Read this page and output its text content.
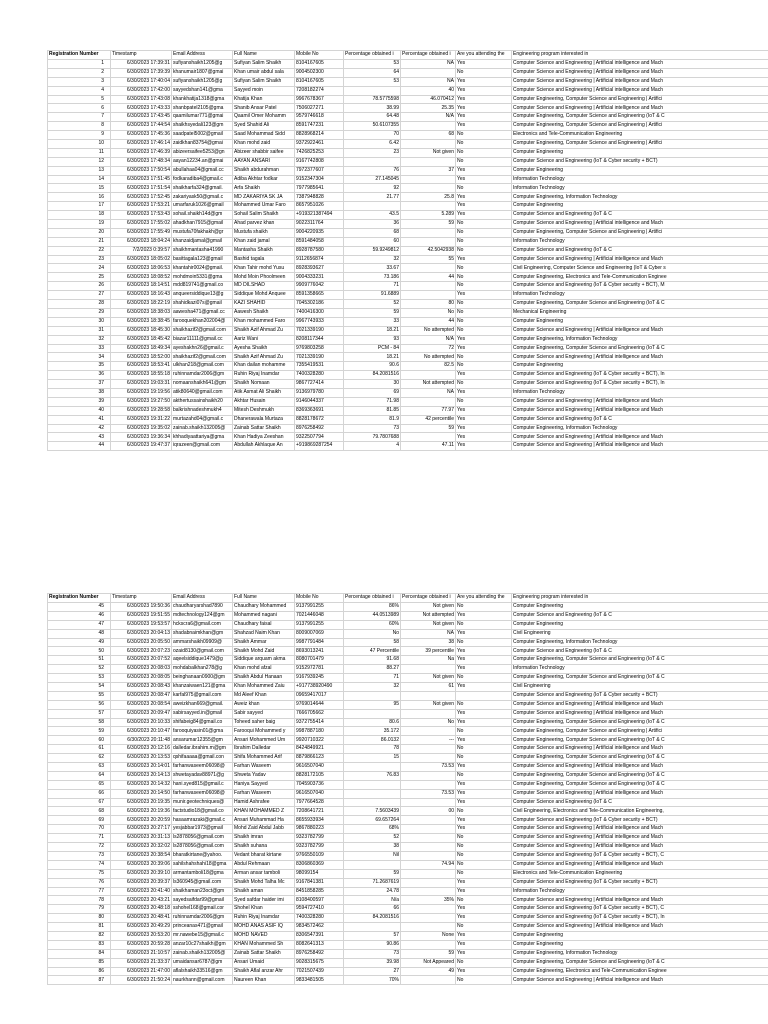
Registration Number	Timestamp	Email Address	Full Name	Mobile No	Percentage obtained i	Percentage obtained i	Are you attending the	Engineering program interested in
1	6/30/2023 17:39:31	sufiyanshaikh1205@g	Sufiyan Salim Shaikh	8104167605	53	NA	Yes	Computer Science and Engineering | Artificial intelligence and Mach
2	6/30/2023 17:39:39	khanumair1807@gmai	Khan umair abdul sala	9004502300	64		No	Computer Science and Engineering | Artificial intelligence and Mach
3	6/30/2023 17:40:04	sufiyanshaikh1205@g	Sufiyan Salim Shaikh	8104167605	53	NA	Yes	Computer Science and Engineering | Artificial intelligence and Mach
4	6/30/2023 17:42:00	sayyedshan141@gma	Sayyed moin	7208182274		40	Yes	Computer Science and Engineering | Artificial intelligence and Mach
5	6/30/2023 17:43:08	khankhatija1318@gma	Khatija Khan	9967678367	78.5775598	46.070412	Yes	Computer Engineering, Computer Science and Engineering | Artifici
6	6/30/2023 17:43:33	shanbpatel2105@gma	Shanib Ansar Patel	7506027271	38.99	25.35	Yes	Computer Science and Engineering | Artificial intelligence and Mach
7	6/30/2023 17:43:45	qaamilumar771@gmai	Qaamil Omer Mohamm	9579746618	64.48	N/A	Yes	Computer Engineering, Computer Science and Engineering (IoT & C
8	6/30/2023 17:44:54	shaikhsyedali123@gm	Syed Shahid Ali	8591747231	50.6107355		Yes	Computer Engineering, Computer Science and Engineering | Artifici
9	6/30/2023 17:45:36	saadpatel5002@gmail	Saad Mohammad Sidd	8828968214	70	68	No	Electronics and Tele-Communication Engineering
10	6/30/2023 17:46:14	zaidkhan83754@gmai	Khan mohd zaid	9372922461	6.42		No	Computer Engineering, Computer Science and Engineering | Artifici
11	6/30/2023 17:46:39	abizeersaifee5253@gn	Abizeer shabbir saifee	7426825253	23	Not given	No	Computer Engineering
12	6/30/2023 17:48:34	aayan12234.an@gmai	AAYAN ANSARI	9167742808			No	Computer Science and Engineering (IoT & Cyber security + BCT)
13	6/30/2023 17:50:54	abullahaa04@gmail.cc	Shaikh abdurahman	7972377607	76	37	Yes	Computer Engineering
14	6/30/2023 17:51:45	fodkaradiba4@gmail.c	Adiba Akhtar fodkar	9152347304	27.145045		Yes	Information Technology
15	6/30/2023 17:51:54	shaikharfa324@gmail.	Arfa Shaikh	7977985641	92		No	Information Technology
16	6/30/2023 17:52:45	zakariyask50@gmail.c	MD ZAKARIYA SK JA	7387948828	21.77	25.8	Yes	Computer Engineering, Information Technology
17	6/30/2023 17:53:21	umarfaruk1026@gmail	Mohammed Umar Faro	8657951026			Yes	Computer Engineering
18	6/30/2023 17:53:43	sohail.shaikh14d@gm	Sohail Salim Shaikh	+919321387494	43.5	5.289	Yes	Computer Science and Engineering (IoT & C
19	6/30/2023 17:55:02	ahadkhan7915@gmail	Ahad parvez khan	9022311764	36	59	No	Computer Science and Engineering | Artificial intelligence and Mach
20	6/30/2023 17:55:49	mustufa70fakhakh@gr	Mustufa shaikh	9004220935	68		No	Computer Engineering, Computer Science and Engineering | Artifici
21	6/30/2023 18:04:24	khanzaidjamal@gmail	Khan zaid jamal	8591484058	60		No	Information Technology
22	7/2/2023 0:39:57	shaikhmantasha41990	Mantasha Shaikh	8928787580	59.9249812	42.5042938	No	Computer Science and Engineering (IoT & C
23	6/30/2023 18:05:02	basittagala123@gmail	Bashid tagala	9112656874	32	55	Yes	Computer Science and Engineering | Artificial intelligence and Mach
24	6/30/2023 18:06:53	khantahir0024@gmail.	Khan Tahir mohd Yusu	8928393627	33.67		No	Civil Engineering, Computer Science and Engineering (IoT & Cyber s
25	6/30/2023 18:08:52	mohdmoin5331@gma	Mohd Moin Phoolmeen	9004333231	73.186	44	No	Computer Engineering, Electronics and Tele-Communication Enginee
26	6/30/2023 18:14:51	mdd819741@gmail.co	MD DILSHAD	9909776042	71		No	Computer Science and Engineering (IoT & Cyber security + BCT), M
27	6/30/2023 18:16:43	anqueersiddique13@g	Siddique Mohd Anquee	8591358665	91.6889		Yes	Information Technology
28	6/30/2023 18:22:19	shahidkazi07s@gmail	KAZI SHAHID	7045302186	52	80	No	Computer Engineering, Computer Science and Engineering (IoT & C
29	6/30/2023 18:38:03	aawesha471@gmail.cc	Aawesh Shaikh	7400416300	59	No	No	Mechanical Engineering
30	6/30/2023 18:38:45	farooquekhan202004@	Khan mohammed Faro	9967743933	33	44	No	Computer Engineering
31	6/30/2023 18:45:30	shaikhazif2@gmail.com	Shaikh Azif Ahmad Zu	7021339190	18.21	No attempted	No	Computer Science and Engineering | Artificial intelligence and Mach
32	6/30/2023 18:45:42	biazar11111@gmail.cc	Aariz Wani	8208117344	93	N/A	Yes	Computer Engineering, Information Technology
33	6/30/2023 18:49:34	ayeshakhn26@gmail.c	Ayesha Shaikh	9769803258	PCM - 84	72	Yes	Computer Engineering, Computer Science and Engineering (IoT & C
34	6/30/2023 18:52:00	shaikhazif2@gmail.com	Shaikh Azif Ahmad Zu	7021339190	18.21	No attempted	No	Computer Science and Engineering | Artificial intelligence and Mach
35	6/30/2023 18:53:41	ulkhan218@gmail.com	Khan dailan mohamme	7355419531	90.6	82.5	No	Computer Engineering
36	6/30/2023 18:55:18	ruhinnamdar2006@gm	Ruhin Riyaj Inamdar	7400328280	84.2081516		Yes	Computer Science and Engineering (IoT & Cyber security + BCT), In
37	6/30/2023 19:03:31	nomaanshaikh641@gm	Shaikh Nomaan	9867727414	30	Not attempted	No	Computer Science and Engineering (IoT & Cyber security + BCT), In
38	6/30/2023 19:19:56	atik80640@gmail.com	Atik Asmat Ali Shaikh	9136979780	69	NA	Yes	Information Technology
39	6/30/2023 19:27:50	akthertussainshaikh20	Akhtar Husain	9146044337	71.98		No	Computer Science and Engineering | Artificial intelligence and Mach
40	6/30/2023 19:28:58	balkrishnadeshmukh4	Mitesh Deshmukh	8369363691	81.85	77.97	Yes	Computer Science and Engineering | Artificial intelligence and Mach
41	6/30/2023 19:31:22	murtazahd04@gmail.c	Dhanerawala Murtaza	8828178672	81.9	42 percentile	Yes	Computer Science and Engineering (IoT & C
42	6/30/2023 19:35:02	zainab.shaikh132005@	Zainab Sattar Shaikh	8976258492	73	59	Yes	Computer Engineering, Information Technology
43	6/30/2023 19:36:34	khhadiyaattariya@gma	Khan Hadiya Zeeshan	9322507794	79.7807688		Yes	Computer Science and Engineering | Artificial intelligence and Mach
44	6/30/2023 19:47:37	iqrazeen@gmail.com	Abdullah Akhlaque An	+919869287254	4	47.11	Yes	Computer Science and Engineering | Artificial intelligence and Mach
Registration Number	Timestamp	Email Address	Full Name	Mobile No	Percentage obtained i	Percentage obtained i	Are you attending the	Engineering program interested in
45	6/30/2023 19:50:36	chaudharyarshad7890	Chaudhary Mohammed	9137991255	86%	Not given	No	Computer Engineering
46	6/30/2023 19:51:55	mdtechnology124@gm	Mohammed nagani	7021446048	44.0513989	Not attempted	Yes	Computer Science and Engineering (IoT & C
47	6/30/2023 19:53:57	hckscra6@gmail.com	Chaudhary faisal	9137991255	60%	Not given	No	Computer Engineering
48	6/30/2023 20:04:13	shadabnaimkhan@gm	Shahzad Naim Khan	8009007069	No	NA	Yes	Civil Engineering
49	6/30/2023 20:05:50	ammarshaikh09909@	Shaikh Ammar	9987791484	58	38	No	Computer Engineering, Information Technology
50	6/30/2023 20:07:23	ozaid8130@gmail.com	Shaikh Mohd Zaid	8693013241	47 Percentile	39 percentile	Yes	Computer Science and Engineering (IoT & C
51	6/30/2023 20:07:52	aqeelsiddique1479@g	Siddique arquam akma	8080701479	91.68	Na	Yes	Computer Engineering, Computer Science and Engineering (IoT & C
52	6/30/2023 20:08:03	mohdabalkhan278@g	Khan mohd afzal	9152972781	88.27		Yes	Information Technology
53	6/30/2023 20:08:05	beinghanaan0900@gm	Shaikh Abdul Hanaan	9167939245	71	Not given	No	Computer Engineering, Computer Science and Engineering (IoT & C
54	6/30/2023 20:08:43	khanzaiwaen121@gma	Khan Mohammed Zaiu	+917738920490	32	61	Yes	Civil Engineering
55	6/30/2023 20:08:47	karfal975@gmail.com	Md Aleef Khan	09659417017				Computer Science and Engineering (IoT & Cyber security + BCT)
56	6/30/2023 20:08:54	aweizkhan669@gmail.	Aweiz khan	9769014644	95	Not given	No	Computer Science and Engineering | Artificial intelligence and Mach
57	6/30/2023 20:09:47	sabirsayyed.in@gmail	Sabir sayyed	7666705662			Yes	Computer Science and Engineering | Artificial intelligence and Mach
58	6/30/2023 20:10:33	shifabeig84@gmail.co	Toheed saher baig	9372755414	80.6	No	Yes	Computer Engineering, Computer Science and Engineering (IoT & C
59	6/30/2023 20:10:47	farooquiyasin01@gma	Farooqui Mohammed y	9987887180	35.172		No	Computer Engineering, Computer Science and Engineering | Artifici
60	6/30/2023 20:11:48	ansarumar12355@gm	Ansari Mohammed Um	9920710322	86.0132	---	Yes	Computer Engineering, Computer Science and Engineering (IoT & C
61	6/30/2023 20:12:16	dalledar.ibrahim.m@gm	Ibrahim Dalledar	8424849921	78		No	Computer Science and Engineering | Artificial intelligence and Mach
62	6/30/2023 20:13:53	qshifaaaaa@gmail.con	Shifa Mohammed Arif	8879866123	15		No	Computer Engineering, Computer Science and Engineering (IoT & C
63	6/30/2023 20:14:01	farhanwaseem06098@	Farhan Waseem	9616507040		73.53	Yes	Computer Science and Engineering | Artificial intelligence and Mach
64	6/30/2023 20:14:13	shwetayadav88971@g	Shweta Yadav	8828172105	76.83		No	Computer Engineering, Computer Science and Engineering (IoT & C
65	6/30/2023 20:14:32	hani.syed815@gmail.c	Haniya Sayyed	7045903736			Yes	Computer Engineering, Computer Science and Engineering (IoT & C
66	6/30/2023 20:14:50	farhanwaseem06098@	Farhan Waseem	9616507040		73.53	Yes	Computer Science and Engineering | Artificial intelligence and Mach
67	6/30/2023 20:19:35	munir.geotechniques@	Hamid Ashrafee	7977664528			Yes	Computer Science and Engineering (IoT & C
68	6/30/2023 20:19:36	factstudio18@gmail.co	KHAN MOHAMMED Z	7208641721	7.5603439	00	No	Civil Engineering, Electronics and Tele-Communication Engineering,
69	6/30/2023 20:20:59	hasaamrazaki@gmail.c	Ansari Muhammad Ha	8655933934	69.657264		Yes	Computer Science and Engineering (IoT & Cyber security + BCT)
70	6/30/2023 20:27:17	yesjabbar1973@gmail	Mohd Zaid Abdul Jabb	9867880223	68%		Yes	Computer Science and Engineering | Artificial intelligence and Mach
71	6/30/2023 20:31:13	ls2878056@gmail.com	Shaikh imran	9323782799	52		No	Computer Science and Engineering | Artificial intelligence and Mach
72	6/30/2023 20:32:02	ls2878056@gmail.com	Shaikh suhana	9323782799	38		No	Computer Science and Engineering | Artificial intelligence and Mach
73	6/30/2023 20:38:54	bharatkirtane@yahoo.	Vedant bharat kirtane	9766550109	Nil		No	Computer Science and Engineering (IoT & Cyber security + BCT), C
74	6/30/2023 20:39:06	sahilshahshahi18@gma	Abdul Rehmaan	8306860369		74.94	No	Computer Science and Engineering | Artificial intelligence and Mach
75	6/30/2023 20:39:10	armantamboli18@gma	Arman ansar tamboli	98099154	59		No	Electronics and Tele-Communication Engineering
76	6/30/2023 20:39:37	ls360945@gmail.com	Shaikh Mohd Talha Mc	9167841381	71.2687619		Yes	Computer Science and Engineering (IoT & Cyber security + BCT)
77	6/30/2023 20:41:40	shaikhaman23oct@gm	Shaikh aman	8451858285	24.78		Yes	Information Technology
78	6/30/2023 20:43:21	sayedsaifdar99@gmail	Syed safdar haider imi	8108400597	N/a	35%	No	Computer Science and Engineering | Artificial intelligence and Mach
79	6/30/2023 20:48:18	sshohel168@gmail.cor	Shohel Khan	9594727410	66		Yes	Computer Science and Engineering (IoT & Cyber security + BCT), C
80	6/30/2023 20:48:41	ruhinnamdar2006@gm	Ruhin Riyaj Inamdar	7400328280	84.2081516		Yes	Computer Science and Engineering (IoT & Cyber security + BCT), In
81	6/30/2023 20:49:29	princeanas471@gmail	MOHD ANAS ASIF IQ	9834572462			No	Computer Science and Engineering | Artificial intelligence and Mach
82	6/30/2023 20:53:20	mr.nawebe15@gmail.c	MOHD NAVED	8306547391	57	None	Yes	Computer Engineering
83	6/30/2023 20:59:28	anzar10c27shaikh@gm	KHAN Mohammed Sh	8082641313	90.86		Yes	Computer Engineering
84	6/30/2023 21:10:57	zainab.shaikh132005@	Zainab Sattar Shaikh	8976258492	73	59	Yes	Computer Engineering, Information Technology
85	6/30/2023 21:33:37	umaidansar6787@gm	Ansari Umaid	9028315675	39.98	Not Appeared	No	Computer Engineering, Computer Science and Engineering (IoT & C
86	6/30/2023 21:47:00	aflalshaikh33516@gm	Shaikh Aflal anzar Ahr	7021507439	27	49	Yes	Computer Engineering, Electronics and Tele-Communication Enginee
87	6/30/2023 21:50:24	naurkhann@gmail.com	Naureen Khan	9833481505	70%		No	Computer Science and Engineering | Artificial intelligence and Mach
